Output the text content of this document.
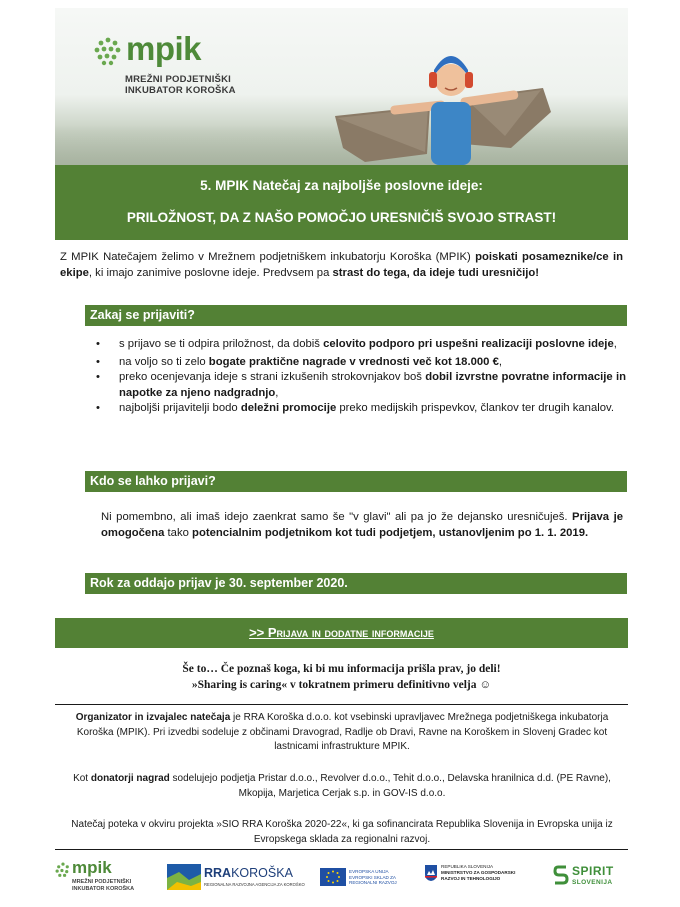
mpik
MREŽNI PODJETNIŠKI
INKUBATOR KOROŠKA
5. MPIK Natečaj za najboljše poslovne ideje:
PRILOŽNOST, DA Z NAŠO POMOČJO URESNIČIŠ SVOJO STRAST!

Z MPIK Natečajem želimo v Mrežnem podjetniškem inkubatorju Koroška (MPIK) poiskati posameznike/ce in ekipe, ki imajo zanimive poslovne ideje. Predvsem pa strast do tega, da ideje tudi uresničijo!

Zakaj se prijaviti?
• s prijavo se ti odpira priložnost, da dobiš celovito podporo pri uspešni realizaciji poslovne ideje,
• na voljo so ti zelo bogate praktične nagrade v vrednosti več kot 18.000 €,
• preko ocenjevanja ideje s strani izkušenih strokovnjakov boš dobil izvrstne povratne informacije in napotke za njeno nadgradnjo,
• najboljši prijavitelji bodo deležni promocije preko medijskih prispevkov, člankov ter drugih kanalov.
Kdo se lahko prijavi?

Ni pomembno, ali imaš idejo zaenkrat samo še "v glavi" ali pa jo že dejansko uresničuješ. Prijava je omogočena tako potencialnim podjetnikom kot tudi podjetjem, ustanovljenim po 1. 1. 2019.

Rok za oddajo prijav je 30. september 2020.
>> Prijava in dodatne informacije
Še to… Če poznaš koga, ki bi mu informacija prišla prav, jo deli!
»Sharing is caring« v tokratnem primeru definitivno velja ☺

Organizator in izvajalec natečaja je RRA Koroška d.o.o. kot vsebinski upravljavec Mrežnega podjetniškega inkubatorja Koroška (MPIK). Pri izvedbi sodeluje z občinami Dravograd, Radlje ob Dravi, Ravne na Koroškem in Slovenj Gradec kot lastnicami infrastrukture MPIK.

Kot donatorji nagrad sodelujejo podjetja Pristar d.o.o., Revolver d.o.o., Tehit d.o.o., Delavska hranilnica d.d. (PE Ravne), Mkopija, Marjetica Cerjak s.p. in GOV-IS d.o.o.

Natečaj poteka v okviru projekta »SIO RRA Koroška 2020-22«, ki ga sofinancirata Republika Slovenija in Evropska unija iz Evropskega sklada za regionalni razvoj.

mpik
MREŽNI PODJETNIŠKI
INKUBATOR KOROŠKA
RRAKOROŠKA
REGIONALNA RAZVOJNA AGENCIJA ZA KOROŠKO
EVROPSKA UNIJA
EVROPSKI SKLAD ZA
REGIONALNI RAZVOJ
REPUBLIKA SLOVENIJA
MINISTRSTVO ZA GOSPODARSKI
RAZVOJ IN TEHNOLOGIJO
SPIRIT
SLOVENIJA
